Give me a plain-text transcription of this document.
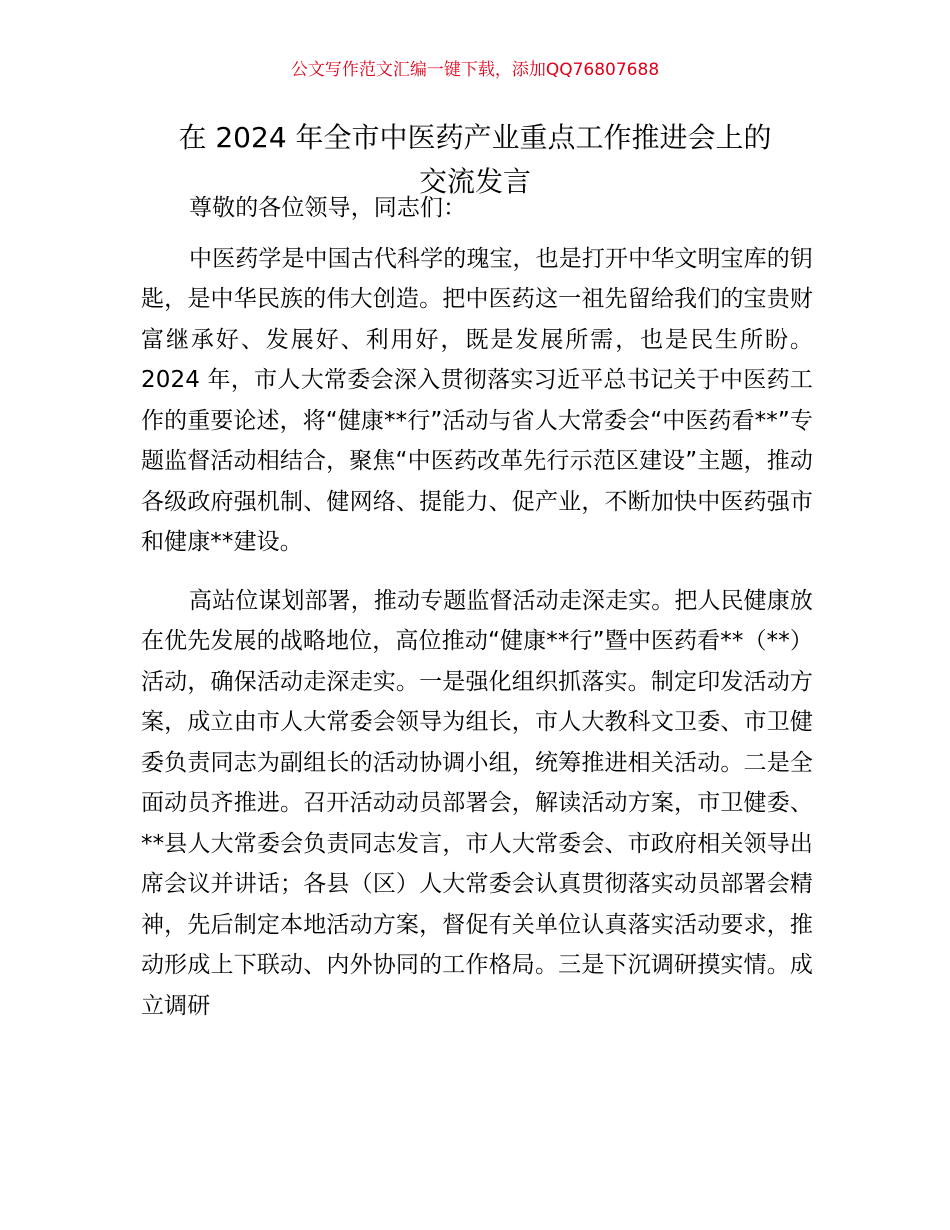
公文写作范文汇编一键下载，添加QQ76807688
在 2024 年全市中医药产业重点工作推进会上的
交流发言

尊敬的各位领导，同志们：

中医药学是中国古代科学的瑰宝，也是打开中华文明宝库的钥匙，是中华民族的伟大创造。把中医药这一祖先留给我们的宝贵财富继承好、发展好、利用好，既是发展所需，也是民生所盼。2024 年，市人大常委会深入贯彻落实习近平总书记关于中医药工作的重要论述，将“健康**行”活动与省人大常委会“中医药看**”专题监督活动相结合，聚焦“中医药改革先行示范区建设”主题，推动各级政府强机制、健网络、提能力、促产业，不断加快中医药强市和健康**建设。

高站位谋划部署，推动专题监督活动走深走实。把人民健康放在优先发展的战略地位，高位推动“健康**行”暨中医药看**（**）活动，确保活动走深走实。一是强化组织抓落实。制定印发活动方案，成立由市人大常委会领导为组长，市人大教科文卫委、市卫健委负责同志为副组长的活动协调小组，统筹推进相关活动。二是全面动员齐推进。召开活动动员部署会，解读活动方案，市卫健委、**县人大常委会负责同志发言，市人大常委会、市政府相关领导出席会议并讲话；各县（区）人大常委会认真贯彻落实动员部署会精神，先后制定本地活动方案，督促有关单位认真落实活动要求，推动形成上下联动、内外协同的工作格局。三是下沉调研摸实情。成立调研
